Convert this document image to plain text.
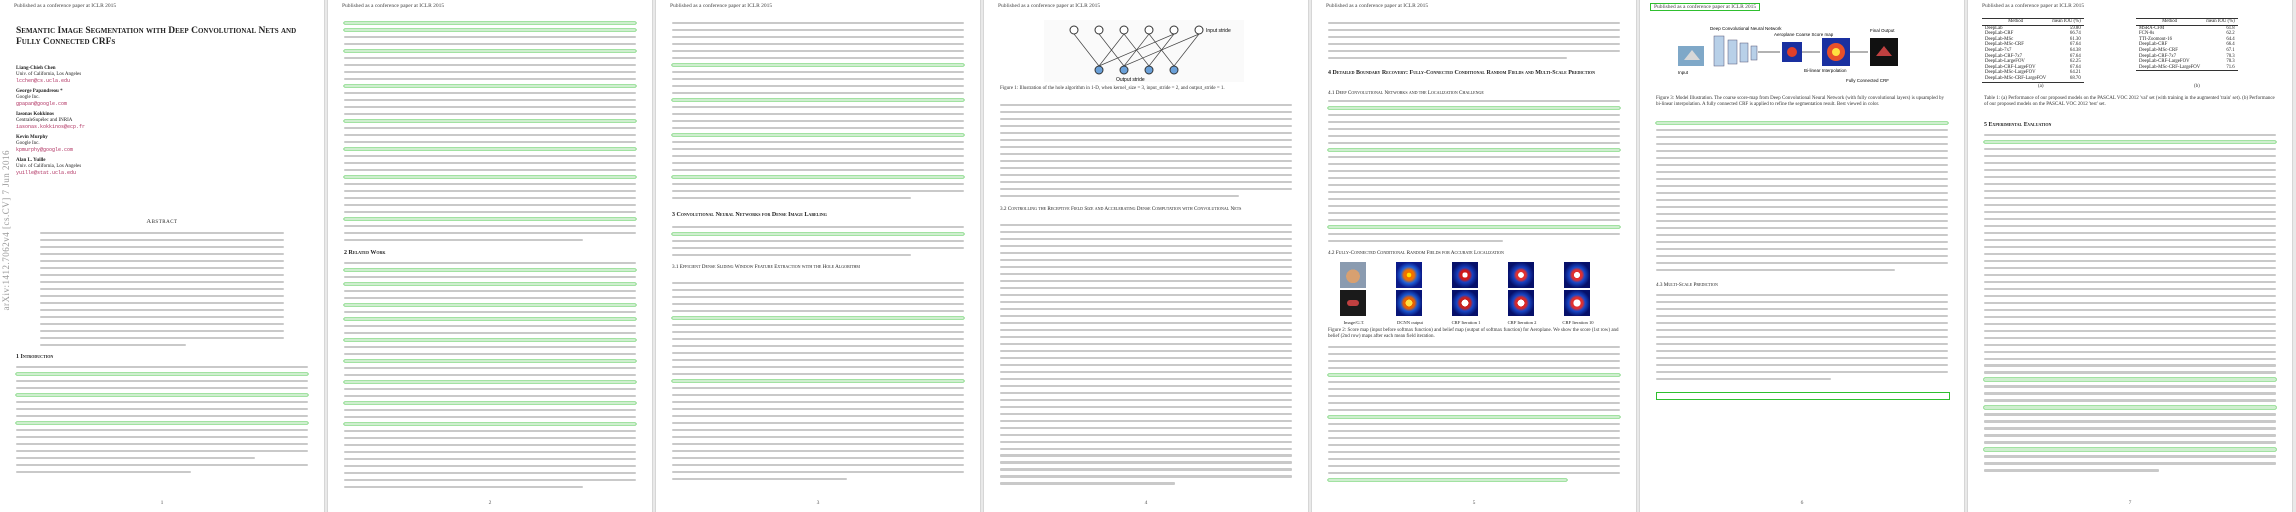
Published as a conference paper at ICLR 2015
arXiv:1412.7062v4 [cs.CV] 7 Jun 2016
Semantic Image Segmentation with Deep Convolutional Nets and Fully Connected CRFs

Liang-Chieh Chen
Univ. of California, Los Angeles
lcchen@cs.ucla.edu

George Papandreou *
Google Inc.
gpapan@google.com

Iasonas Kokkinos
CentraleSupélec and INRIA
iasonas.kokkinos@ecp.fr

Kevin Murphy
Google Inc.
kpmurphy@google.com

Alan L. Yuille
Univ. of California, Los Angeles
yuille@stat.ucla.edu

Abstract
1 Introduction
1
Published as a conference paper at ICLR 2015
2 Related Work
2
Published as a conference paper at ICLR 2015
3 Convolutional Neural Networks for Dense Image Labeling
3.1 Efficient Dense Sliding Window Feature Extraction with the Hole Algorithm
3
Published as a conference paper at ICLR 2015
Input stride
Output stride
Figure 1: Illustration of the hole algorithm in 1-D, when kernel_size = 3, input_stride = 2, and output_stride = 1.
3.2 Controlling the Receptive Field Size and Accelerating Dense Computation with Convolutional Nets
4
Published as a conference paper at ICLR 2015
4 Detailed Boundary Recovery: Fully-Connected Conditional Random Fields and Multi-Scale Prediction
4.1 Deep Convolutional Networks and the Localization Challenge
4.2 Fully-Connected Conditional Random Fields for Accurate Localization
Image/G.T.	DCNN output	CRF Iteration 1	CRF Iteration 2	CRF Iteration 10
Figure 2: Score map (input before softmax function) and belief map (output of softmax function) for Aeroplane. We show the score (1st row) and belief (2nd row) maps after each mean field iteration.
5
Published as a conference paper at ICLR 2015
Input
Deep Convolutional Neural Network
Aeroplane Coarse Score map
Bi-linear Interpolation
Fully Connected CRF
Final Output
Figure 3: Model Illustration. The coarse score-map from Deep Convolutional Neural Network (with fully convolutional layers) is upsampled by bi-linear interpolation. A fully connected CRF is applied to refine the segmentation result. Best viewed in color.
4.3 Multi-Scale Prediction
6
Published as a conference paper at ICLR 2015
Method	mean IOU (%)
DeepLab	59.80
DeepLab-CRF	66.74
DeepLab-MSc	61.30
DeepLab-MSc-CRF	67.64
DeepLab-7x7	64.38
DeepLab-CRF-7x7	67.64
DeepLab-LargeFOV	62.25
DeepLab-CRF-LargeFOV	67.64
DeepLab-MSc-LargeFOV	64.21
DeepLab-MSc-CRF-LargeFOV	68.70
(a)
Method	mean IOU (%)
MSRA-CFM	61.8
FCN-8s	62.2
TTI-Zoomout-16	64.4
DeepLab-CRF	66.4
DeepLab-MSc-CRF	67.1
DeepLab-CRF-7x7	70.3
DeepLab-CRF-LargeFOV	70.3
DeepLab-MSc-CRF-LargeFOV	71.6
(b)
Table 1: (a) Performance of our proposed models on the PASCAL VOC 2012 'val' set (with training in the augmented 'train' set). (b) Performance of our proposed models on the PASCAL VOC 2012 'test' set.
5 Experimental Evaluation
7
